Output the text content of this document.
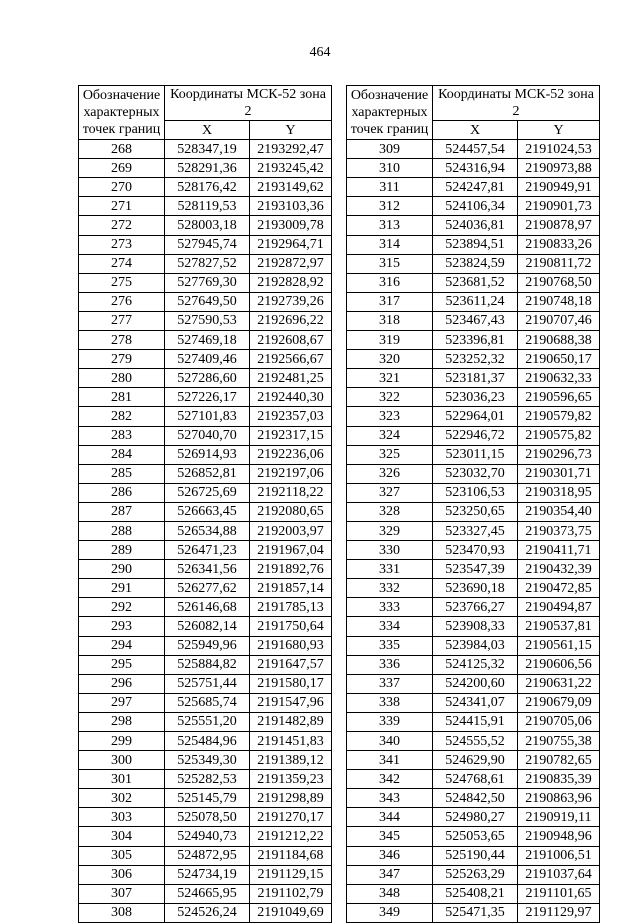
464
Обозначение характерных точек границ	Координаты МСК-52 зона 2	

	X	Y
268	528347,19	2193292,47
269	528291,36	2193245,42
270	528176,42	2193149,62
271	528119,53	2193103,36
272	528003,18	2193009,78
273	527945,74	2192964,71
274	527827,52	2192872,97
275	527769,30	2192828,92
276	527649,50	2192739,26
277	527590,53	2192696,22
278	527469,18	2192608,67
279	527409,46	2192566,67
280	527286,60	2192481,25
281	527226,17	2192440,30
282	527101,83	2192357,03
283	527040,70	2192317,15
284	526914,93	2192236,06
285	526852,81	2192197,06
286	526725,69	2192118,22
287	526663,45	2192080,65
288	526534,88	2192003,97
289	526471,23	2191967,04
290	526341,56	2191892,76
291	526277,62	2191857,14
292	526146,68	2191785,13
293	526082,14	2191750,64
294	525949,96	2191680,93
295	525884,82	2191647,57
296	525751,44	2191580,17
297	525685,74	2191547,96
298	525551,20	2191482,89
299	525484,96	2191451,83
300	525349,30	2191389,12
301	525282,53	2191359,23
302	525145,79	2191298,89
303	525078,50	2191270,17
304	524940,73	2191212,22
305	524872,95	2191184,68
306	524734,19	2191129,15
307	524665,95	2191102,79
308	524526,24	2191049,69
Обозначение характерных точек границ	Координаты МСК-52 зона 2	

	X	Y
309	524457,54	2191024,53
310	524316,94	2190973,88
311	524247,81	2190949,91
312	524106,34	2190901,73
313	524036,81	2190878,97
314	523894,51	2190833,26
315	523824,59	2190811,72
316	523681,52	2190768,50
317	523611,24	2190748,18
318	523467,43	2190707,46
319	523396,81	2190688,38
320	523252,32	2190650,17
321	523181,37	2190632,33
322	523036,23	2190596,65
323	522964,01	2190579,82
324	522946,72	2190575,82
325	523011,15	2190296,73
326	523032,70	2190301,71
327	523106,53	2190318,95
328	523250,65	2190354,40
329	523327,45	2190373,75
330	523470,93	2190411,71
331	523547,39	2190432,39
332	523690,18	2190472,85
333	523766,27	2190494,87
334	523908,33	2190537,81
335	523984,03	2190561,15
336	524125,32	2190606,56
337	524200,60	2190631,22
338	524341,07	2190679,09
339	524415,91	2190705,06
340	524555,52	2190755,38
341	524629,90	2190782,65
342	524768,61	2190835,39
343	524842,50	2190863,96
344	524980,27	2190919,11
345	525053,65	2190948,96
346	525190,44	2191006,51
347	525263,29	2191037,64
348	525408,21	2191101,65
349	525471,35	2191129,97
